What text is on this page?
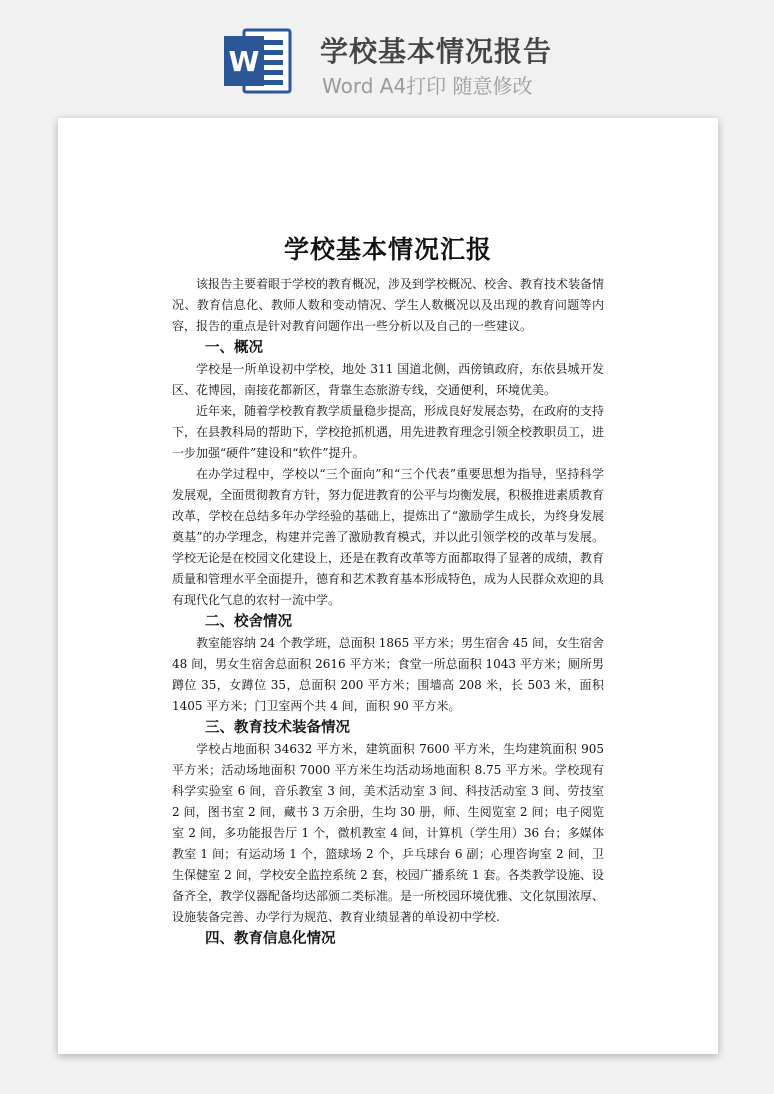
W 学校基本情况报告
Word A4打印 随意修改
学校基本情况汇报

该报告主要着眼于学校的教育概况，涉及到学校概况、校舍、教育技术装备情况、教育信息化、教师人数和变动情况、学生人数概况以及出现的教育问题等内容，报告的重点是针对教育问题作出一些分析以及自己的一些建议。

一、概况

学校是一所单设初中学校，地处 311 国道北侧，西傍镇政府，东依县城开发区、花博园，南接花都新区，背靠生态旅游专线，交通便利，环境优美。

近年来，随着学校教育教学质量稳步提高，形成良好发展态势，在政府的支持下，在县教科局的帮助下，学校抢抓机遇，用先进教育理念引领全校教职员工，进一步加强“硬件”建设和“软件”提升。

在办学过程中，学校以“三个面向”和“三个代表”重要思想为指导，坚持科学发展观，全面贯彻教育方针，努力促进教育的公平与均衡发展，积极推进素质教育改革，学校在总结多年办学经验的基础上，提炼出了“激励学生成长，为终身发展奠基”的办学理念，构建并完善了激励教育模式，并以此引领学校的改革与发展。学校无论是在校园文化建设上，还是在教育改革等方面都取得了显著的成绩，教育质量和管理水平全面提升，德育和艺术教育基本形成特色，成为人民群众欢迎的具有现代化气息的农村一流中学。

二、校舍情况

教室能容纳 24 个教学班，总面积 1865 平方米；男生宿舍 45 间，女生宿舍 48 间，男女生宿舍总面积 2616 平方米；食堂一所总面积 1043 平方米；厕所男蹲位 35，女蹲位 35，总面积 200 平方米；围墙高 208 米，长 503 米，面积 1405 平方米；门卫室两个共 4 间，面积 90 平方米。

三、教育技术装备情况

学校占地面积 34632 平方米，建筑面积 7600 平方米，生均建筑面积 905 平方米；活动场地面积 7000 平方米生均活动场地面积 8.75 平方米。学校现有科学实验室 6 间，音乐教室 3 间，美术活动室 3 间、科技活动室 3 间、劳技室 2 间，图书室 2 间，藏书 3 万余册，生均 30 册，师、生阅览室 2 间；电子阅览室 2 间，多功能报告厅 1 个，微机教室 4 间，计算机（学生用）36 台；多媒体教室 1 间；有运动场 1 个，篮球场 2 个，乒乓球台 6 副；心理咨询室 2 间，卫生保健室 2 间，学校安全监控系统 2 套，校园广播系统 1 套。各类教学设施、设备齐全，教学仪器配备均达部颁二类标准。是一所校园环境优雅、文化氛围浓厚、设施装备完善、办学行为规范、教育业绩显著的单设初中学校.

四、教育信息化情况
